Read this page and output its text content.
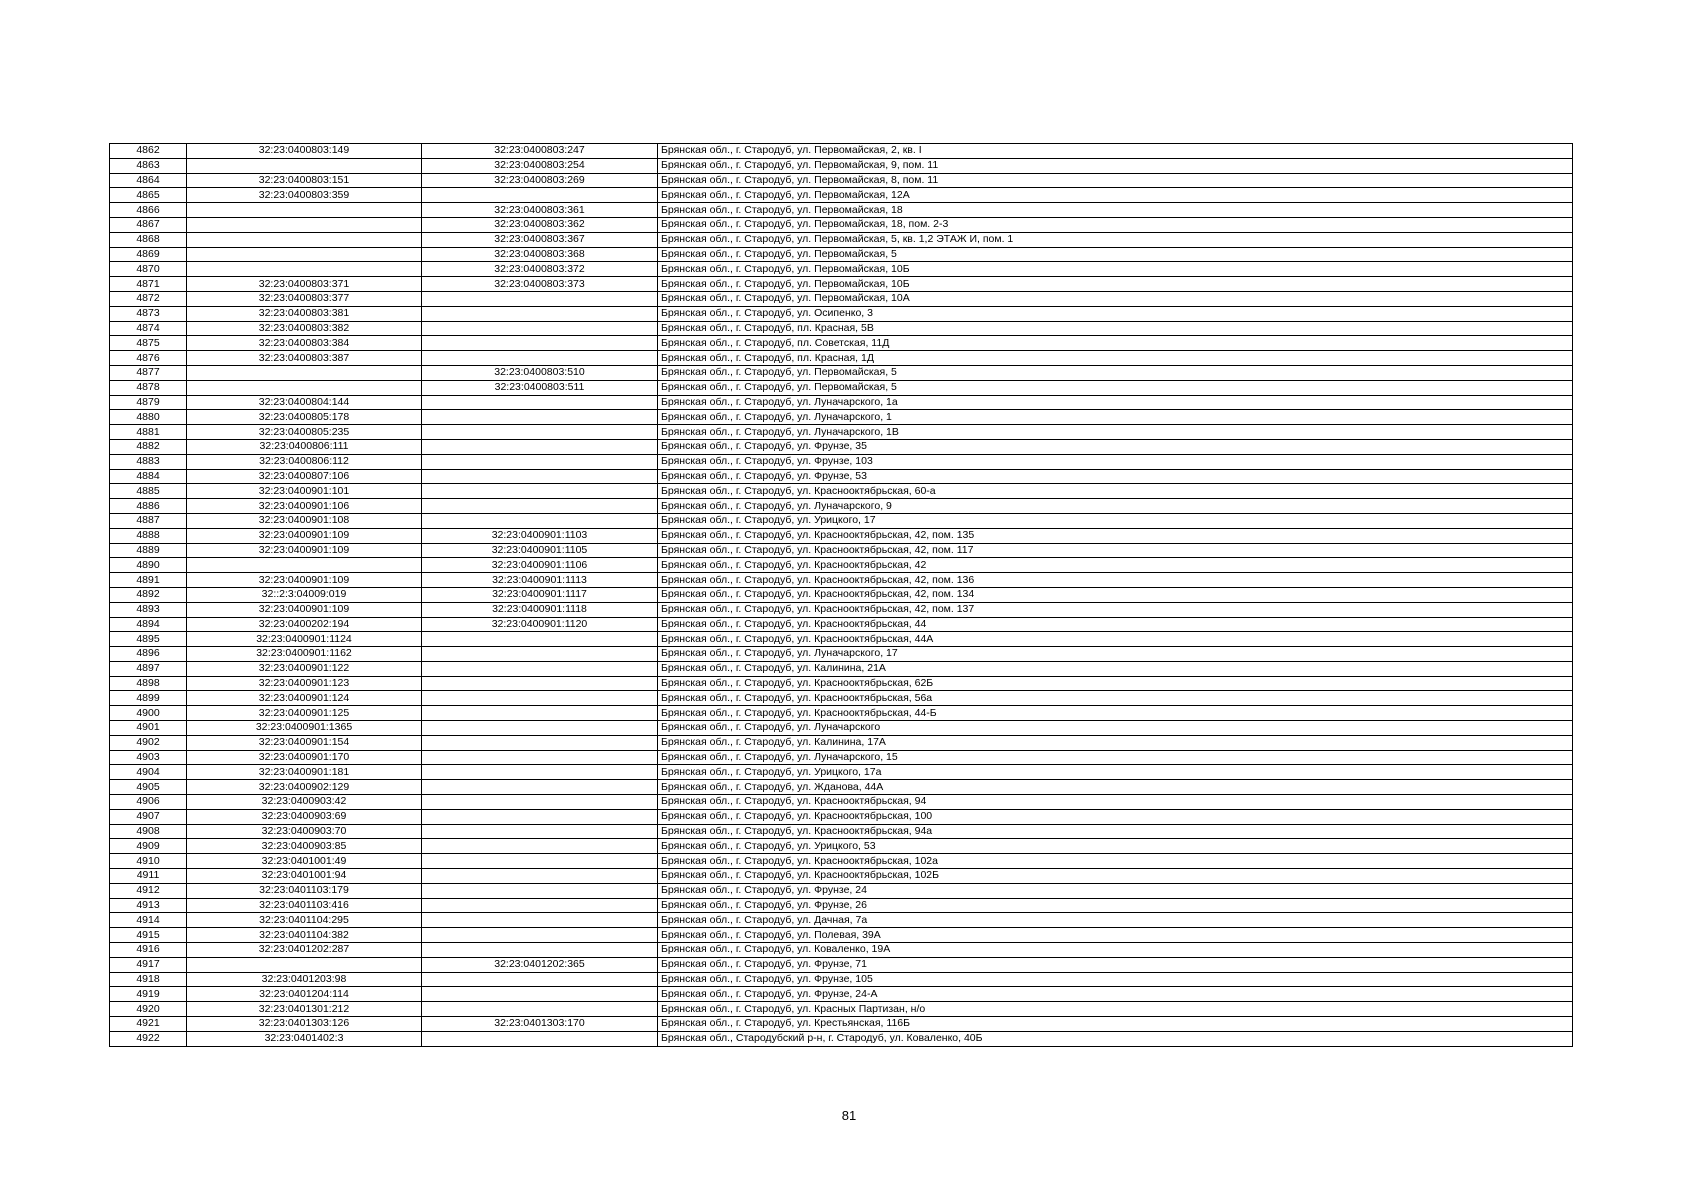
4862	32:23:0400803:149	32:23:0400803:247	Брянская обл., г. Стародуб, ул. Первомайская, 2, кв. I
4863		32:23:0400803:254	Брянская обл., г. Стародуб, ул. Первомайская, 9, пом. 11
4864	32:23:0400803:151	32:23:0400803:269	Брянская обл., г. Стародуб, ул. Первомайская, 8, пом. 11
4865	32:23:0400803:359		Брянская обл., г. Стародуб, ул. Первомайская, 12А
4866		32:23:0400803:361	Брянская обл., г. Стародуб, ул. Первомайская, 18
4867		32:23:0400803:362	Брянская обл., г. Стародуб, ул. Первомайская, 18, пом. 2-3
4868		32:23:0400803:367	Брянская обл., г. Стародуб, ул. Первомайская, 5, кв. 1,2 ЭТАЖ И, пом. 1
4869		32:23:0400803:368	Брянская обл., г. Стародуб, ул. Первомайская, 5
4870		32:23:0400803:372	Брянская обл., г. Стародуб, ул. Первомайская, 10Б
4871	32:23:0400803:371	32:23:0400803:373	Брянская обл., г. Стародуб, ул. Первомайская, 10Б
4872	32:23:0400803:377		Брянская обл., г. Стародуб, ул. Первомайская, 10А
4873	32:23:0400803:381		Брянская обл., г. Стародуб, ул. Осипенко, 3
4874	32:23:0400803:382		Брянская обл., г. Стародуб, пл. Красная, 5В
4875	32:23:0400803:384		Брянская обл., г. Стародуб, пл. Советская, 11Д
4876	32:23:0400803:387		Брянская обл., г. Стародуб, пл. Красная, 1Д
4877		32:23:0400803:510	Брянская обл., г. Стародуб, ул. Первомайская, 5
4878		32:23:0400803:511	Брянская обл., г. Стародуб, ул. Первомайская, 5
4879	32:23:0400804:144		Брянская обл., г. Стародуб, ул. Луначарского, 1а
4880	32:23:0400805:178		Брянская обл., г. Стародуб, ул. Луначарского, 1
4881	32:23:0400805:235		Брянская обл., г. Стародуб, ул. Луначарского, 1В
4882	32:23:0400806:111		Брянская обл., г. Стародуб, ул. Фрунзе, 35
4883	32:23:0400806:112		Брянская обл., г. Стародуб, ул. Фрунзе, 103
4884	32:23:0400807:106		Брянская обл., г. Стародуб, ул. Фрунзе, 53
4885	32:23:0400901:101		Брянская обл., г. Стародуб, ул. Краснооктябрьская, 60-а
4886	32:23:0400901:106		Брянская обл., г. Стародуб, ул. Луначарского, 9
4887	32:23:0400901:108		Брянская обл., г. Стародуб, ул. Урицкого, 17
4888	32:23:0400901:109	32:23:0400901:1103	Брянская обл., г. Стародуб, ул. Краснооктябрьская, 42, пом. 135
4889	32:23:0400901:109	32:23:0400901:1105	Брянская обл., г. Стародуб, ул. Краснооктябрьская, 42, пом. 117
4890		32:23:0400901:1106	Брянская обл., г. Стародуб, ул. Краснооктябрьская, 42
4891	32:23:0400901:109	32:23:0400901:1113	Брянская обл., г. Стародуб, ул. Краснооктябрьская, 42, пом. 136
4892	32::2:3:04009:019	32:23:0400901:1117	Брянская обл., г. Стародуб, ул. Краснооктябрьская, 42, пом. 134
4893	32:23:0400901:109	32:23:0400901:1118	Брянская обл., г. Стародуб, ул. Краснооктябрьская, 42, пом. 137
4894	32:23:0400202:194	32:23:0400901:1120	Брянская обл., г. Стародуб, ул. Краснооктябрьская, 44
4895	32:23:0400901:1124		Брянская обл., г. Стародуб, ул. Краснооктябрьская, 44А
4896	32:23:0400901:1162		Брянская обл., г. Стародуб, ул. Луначарского, 17
4897	32:23:0400901:122		Брянская обл., г. Стародуб, ул. Калинина, 21А
4898	32:23:0400901:123		Брянская обл., г. Стародуб, ул. Краснооктябрьская, 62Б
4899	32:23:0400901:124		Брянская обл., г. Стародуб, ул. Краснооктябрьская, 56а
4900	32:23:0400901:125		Брянская обл., г. Стародуб, ул. Краснооктябрьская, 44-Б
4901	32:23:0400901:1365		Брянская обл., г. Стародуб, ул. Луначарского
4902	32:23:0400901:154		Брянская обл., г. Стародуб, ул. Калинина, 17А
4903	32:23:0400901:170		Брянская обл., г. Стародуб, ул. Луначарского, 15
4904	32:23:0400901:181		Брянская обл., г. Стародуб, ул. Урицкого, 17а
4905	32:23:0400902:129		Брянская обл., г. Стародуб, ул. Жданова, 44А
4906	32:23:0400903:42		Брянская обл., г. Стародуб, ул. Краснооктябрьская, 94
4907	32:23:0400903:69		Брянская обл., г. Стародуб, ул. Краснооктябрьская, 100
4908	32:23:0400903:70		Брянская обл., г. Стародуб, ул. Краснооктябрьская, 94а
4909	32:23:0400903:85		Брянская обл., г. Стародуб, ул. Урицкого, 53
4910	32:23:0401001:49		Брянская обл., г. Стародуб, ул. Краснооктябрьская, 102а
4911	32:23:0401001:94		Брянская обл., г. Стародуб, ул. Краснооктябрьская, 102Б
4912	32:23:0401103:179		Брянская обл., г. Стародуб, ул. Фрунзе, 24
4913	32:23:0401103:416		Брянская обл., г. Стародуб, ул. Фрунзе, 26
4914	32:23:0401104:295		Брянская обл., г. Стародуб, ул. Дачная, 7а
4915	32:23:0401104:382		Брянская обл., г. Стародуб, ул. Полевая, 39А
4916	32:23:0401202:287		Брянская обл., г. Стародуб, ул. Коваленко, 19А
4917		32:23:0401202:365	Брянская обл., г. Стародуб, ул. Фрунзе, 71
4918	32:23:0401203:98		Брянская обл., г. Стародуб, ул. Фрунзе, 105
4919	32:23:0401204:114		Брянская обл., г. Стародуб, ул. Фрунзе, 24-А
4920	32:23:0401301:212		Брянская обл., г. Стародуб, ул. Красных Партизан, н/о
4921	32:23:0401303:126	32:23:0401303:170	Брянская обл., г. Стародуб, ул. Крестьянская, 116Б
4922	32:23:0401402:3		Брянская обл., Стародубский р-н, г. Стародуб, ул. Коваленко, 40Б
81
